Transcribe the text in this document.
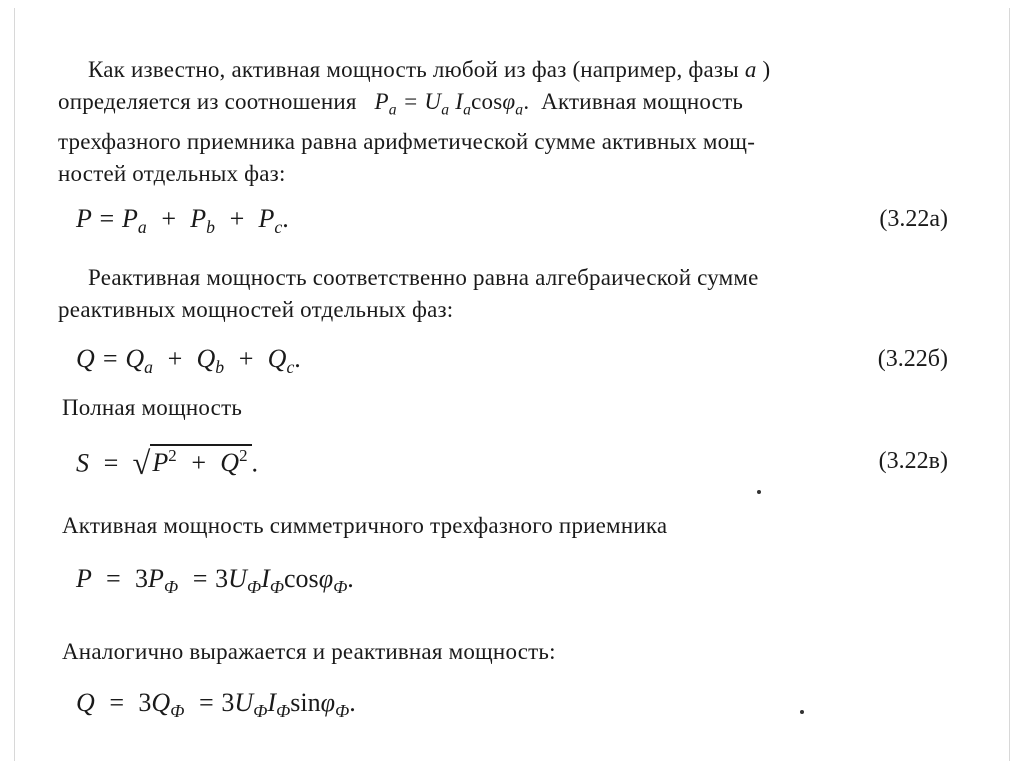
Как известно, активная мощность любой из фаз (например, фазы a )
определяется из соотношения $P_a = U_a$ $I_a\cos\varphi_a$. Активная мощность
трехфазного приемника равна арифметической сумме активных мощ-
ностей отдельных фаз:
$P = P_a + P_b + P_c$.	(3.22а)
Реактивная мощность соответственно равна алгебраической сумме
реактивных мощностей отдельных фаз:
$Q = Q_a + Q_b + Q_c$.	(3.22б)
Полная мощность
$S = √P^2 + Q^2$ .	(3.22в)
Активная мощность симметричного трехфазного приемника
$P = 3P_Ф = 3U_ФI_Ф\cos\varphi_Ф$.
Аналогично выражается и реактивная мощность:
$Q = 3Q_Ф = 3U_ФI_Ф\sin\varphi_Ф$.
